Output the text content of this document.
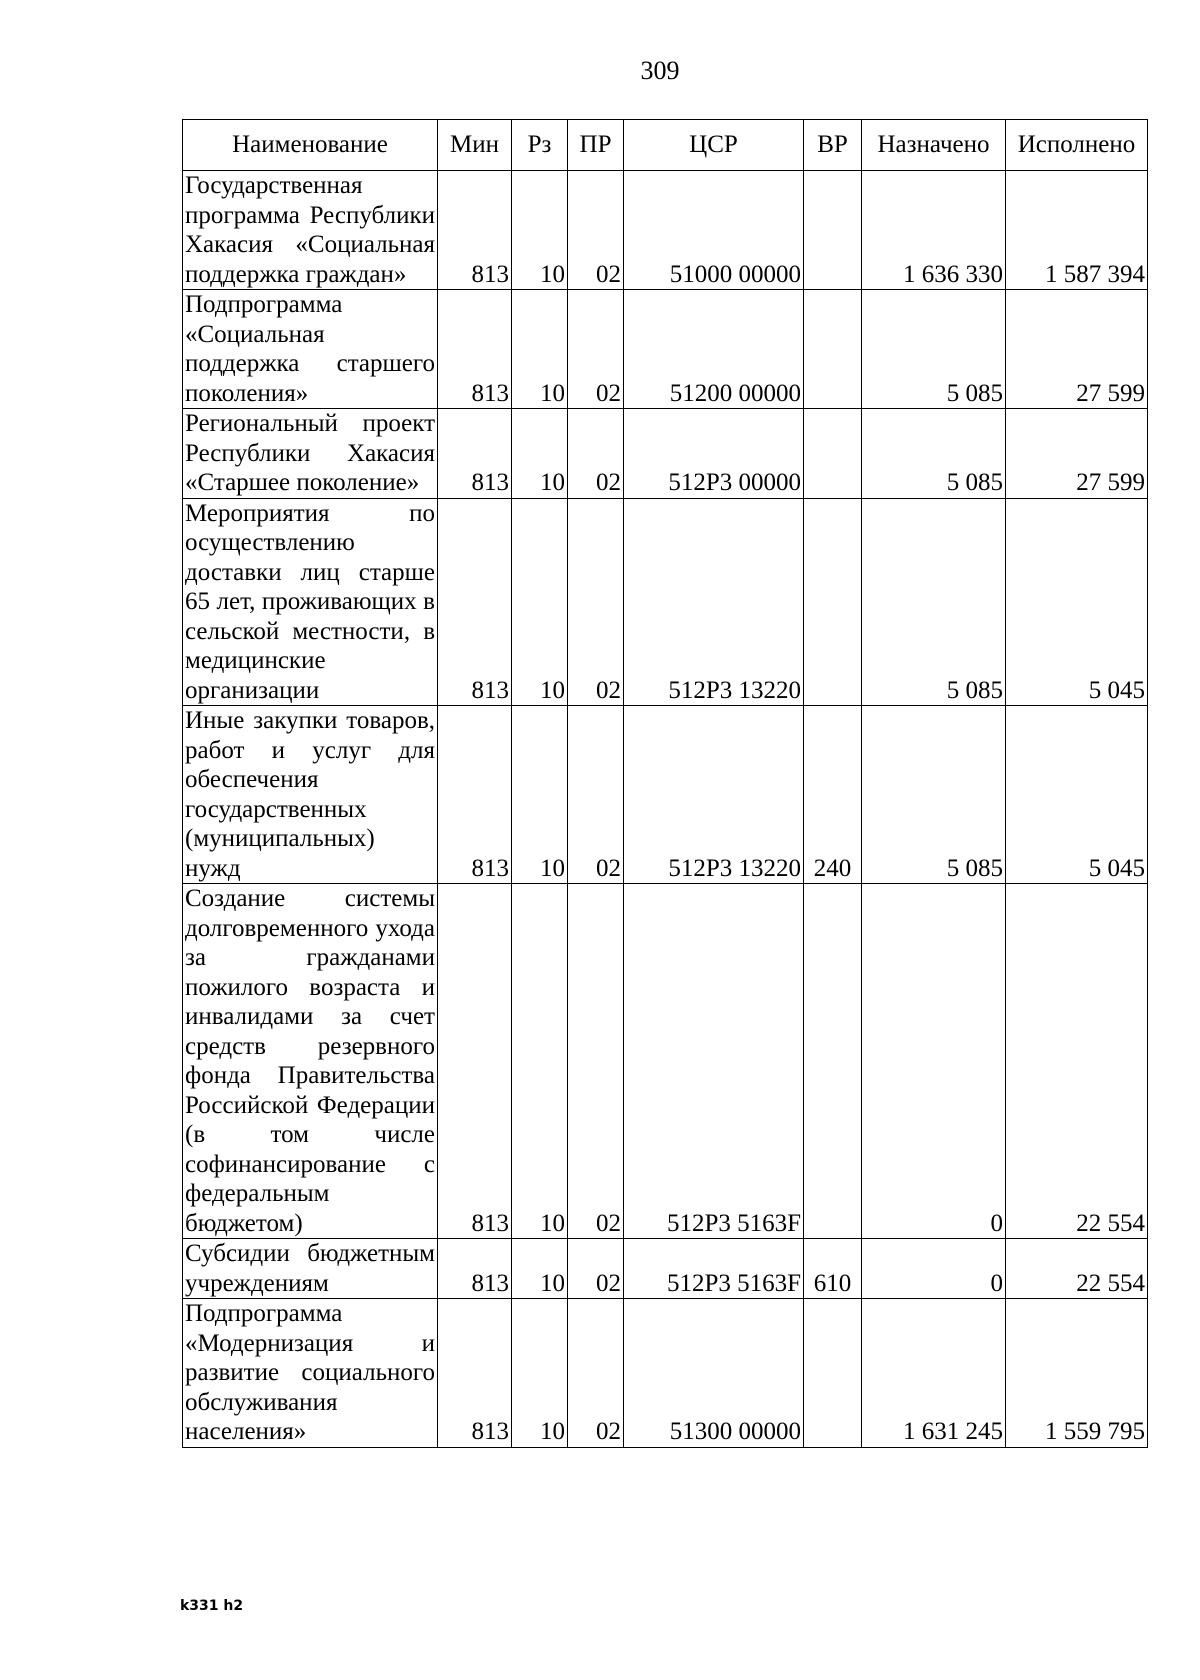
309
Наименование	Мин	Рз	ПР	ЦСР	ВР	Назначено	Исполнено
Государственная программа Республики Хакасия «Социальная поддержка граждан»	813	10	02	51000 00000		1 636 330	1 587 394
Подпрограмма «Социальная поддержка старшего поколения»	813	10	02	51200 00000		5 085	27 599
Региональный проект Республики Хакасия «Старшее поколение»	813	10	02	512Р3 00000		5 085	27 599
Мероприятия по осуществлению доставки лиц старше 65 лет, проживающих в сельской местности, в медицинские организации	813	10	02	512Р3 13220		5 085	5 045
Иные закупки товаров, работ и услуг для обеспечения государственных (муниципальных) нужд	813	10	02	512Р3 13220	240	5 085	5 045
Создание системы долговременного ухода за гражданами пожилого возраста и инвалидами за счет средств резервного фонда Правительства Российской Федерации (в том числе софинансирование с федеральным бюджетом)	813	10	02	512Р3 5163F		0	22 554
Субсидии бюджетным учреждениям	813	10	02	512Р3 5163F	610	0	22 554
Подпрограмма «Модернизация и развитие социального обслуживания населения»	813	10	02	51300 00000		1 631 245	1 559 795
k331 h2
